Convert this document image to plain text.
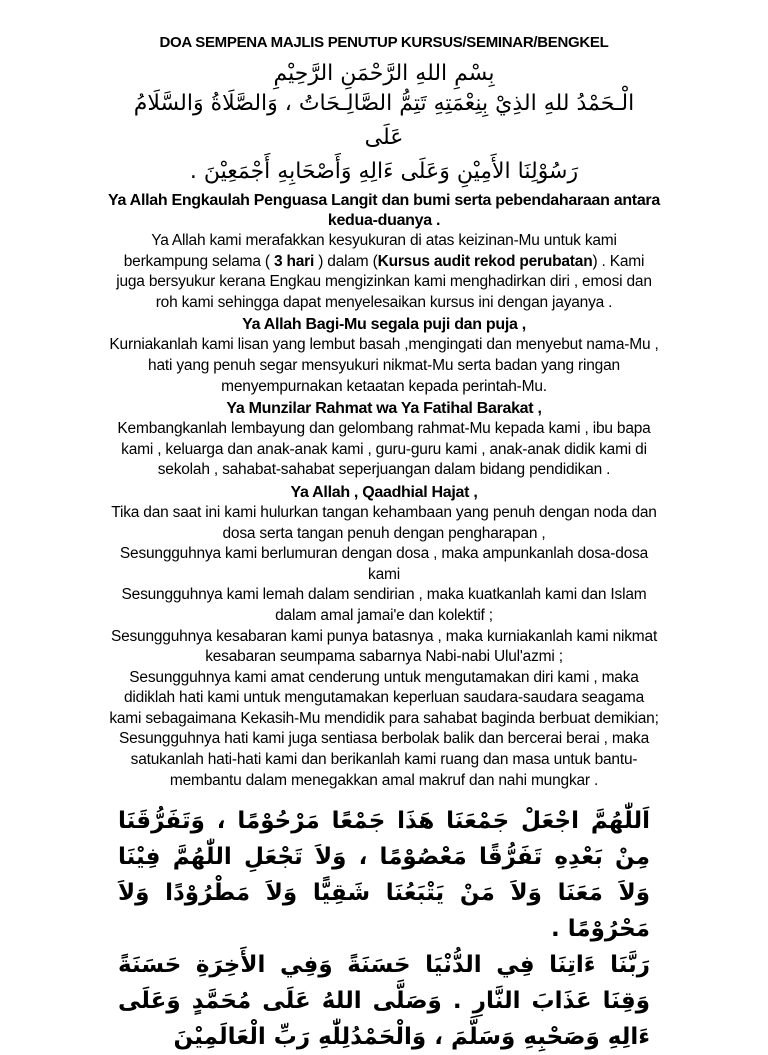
DOA SEMPENA MAJLIS PENUTUP KURSUS/SEMINAR/BENGKEL

بِسْمِ اللهِ الرَّحْمَنِ الرَّحِيْمِ

الْـحَمْدُ للهِ الذِيْ بِنِعْمَتِهِ تَتِمُّ الصَّالِـحَاتُ ، وَالصَّلَاةُ وَالسَّلَامُ عَلَى

رَسُوْلِنَا الأَمِيْنِ وَعَلَى ءَالِهِ وَأَصْحَابِهِ أَجْمَعِيْنَ .

Ya Allah Engkaulah Penguasa Langit dan bumi serta pebendaharaan antara kedua-duanya .

Ya Allah kami merafakkan kesyukuran di atas keizinan-Mu untuk kami berkampung selama ( 3 hari ) dalam (Kursus audit rekod perubatan) . Kami juga bersyukur kerana Engkau mengizinkan kami menghadirkan diri , emosi dan roh kami sehingga dapat menyelesaikan kursus ini dengan jayanya .

Ya Allah Bagi-Mu segala puji dan puja ,

Kurniakanlah kami lisan yang lembut basah ,mengingati dan menyebut nama-Mu , hati yang penuh segar mensyukuri nikmat-Mu serta badan yang ringan menyempurnakan ketaatan kepada perintah-Mu.

Ya Munzilar Rahmat wa Ya Fatihal Barakat ,

Kembangkanlah lembayung dan gelombang rahmat-Mu kepada kami , ibu bapa kami , keluarga dan anak-anak kami , guru-guru kami , anak-anak didik kami di sekolah , sahabat-sahabat seperjuangan dalam bidang pendidikan .

Ya Allah , Qaadhial Hajat ,

Tika dan saat ini kami hulurkan tangan kehambaan yang penuh dengan noda dan dosa serta tangan penuh dengan pengharapan ,

Sesungguhnya kami berlumuran dengan dosa , maka ampunkanlah dosa-dosa kami

Sesungguhnya kami lemah dalam sendirian , maka kuatkanlah kami dan Islam dalam amal jamai'e dan kolektif ;

Sesungguhnya kesabaran kami punya batasnya , maka kurniakanlah kami nikmat kesabaran seumpama sabarnya Nabi-nabi Ulul'azmi ;

Sesungguhnya kami amat cenderung untuk mengutamakan diri kami , maka didiklah hati kami untuk mengutamakan keperluan saudara-saudara seagama kami sebagaimana Kekasih-Mu mendidik para sahabat baginda berbuat demikian;

Sesungguhnya hati kami juga sentiasa berbolak balik dan bercerai berai , maka satukanlah hati-hati kami dan berikanlah kami ruang dan masa untuk bantu-membantu dalam menegakkan amal makruf dan nahi mungkar .

اَللّٰهُمَّ اجْعَلْ جَمْعَنَا هَذَا جَمْعًا مَرْحُوْمًا ، وَتَفَرُّقَنَا مِنْ بَعْدِهِ تَفَرُّقًا مَعْصُوْمًا ، وَلاَ تَجْعَلِ اللّٰهُمَّ فِيْنَا وَلاَ مَعَنَا وَلاَ مَنْ يَتْبَعُنَا شَقِيًّا وَلاَ مَطْرُوْدًا وَلاَ مَحْرُوْمًا .

رَبَّنَا ءَاتِنَا فِي الدُّنْيَا حَسَنَةً وَفِي الأَخِرَةِ حَسَنَةً وَقِنَا عَذَابَ النَّارِ . وَصَلَّى اللهُ عَلَى مُحَمَّدٍ وَعَلَى ءَالِهِ وَصَحْبِهِ وَسَلَّمَ ، وَالْحَمْدُلِلّٰهِ رَبِّ الْعَالَمِيْنَ
